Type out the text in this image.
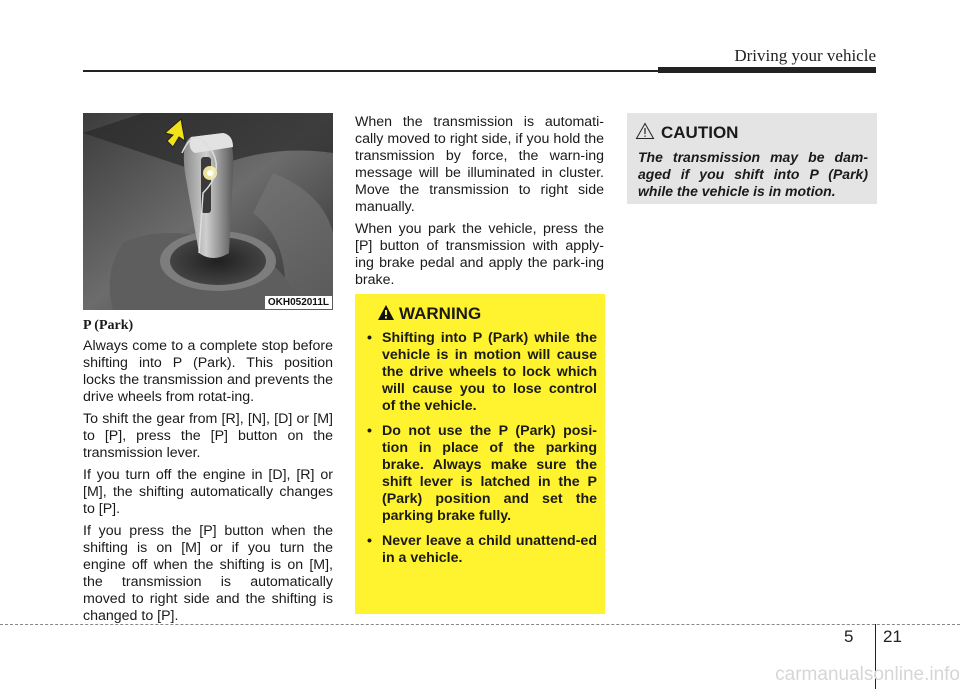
Driving your vehicle
OKH052011L

P (Park)

Always come to a complete stop before shifting into P (Park). This position locks the transmission and prevents the drive wheels from rotat-ing.

To shift the gear from [R], [N], [D] or [M] to [P], press the [P] button on the transmission lever.

If you turn off the engine in [D], [R] or [M], the shifting automatically changes to [P].

If you press the [P] button when the shifting is on [M] or if you turn the engine off when the shifting is on [M], the transmission is automatically moved to right side and the shifting is changed to [P].

When the transmission is automati-cally moved to right side, if you hold the transmission by force, the warn-ing message will be illuminated in cluster. Move the transmission to right side manually.

When you park the vehicle, press the [P] button of transmission with apply-ing brake pedal and apply the park-ing brake.

WARNING
• Shifting into P (Park) while the vehicle is in motion will cause the drive wheels to lock which will cause you to lose control of the vehicle.
• Do not use the P (Park) posi-tion in place of the parking brake. Always make sure the shift lever is latched in the P (Park) position and set the parking brake fully.
• Never leave a child unattend-ed in a vehicle.
CAUTION
The transmission may be dam-aged if you shift into P (Park) while the vehicle is in motion.
5 21
carmanualsonline.info
